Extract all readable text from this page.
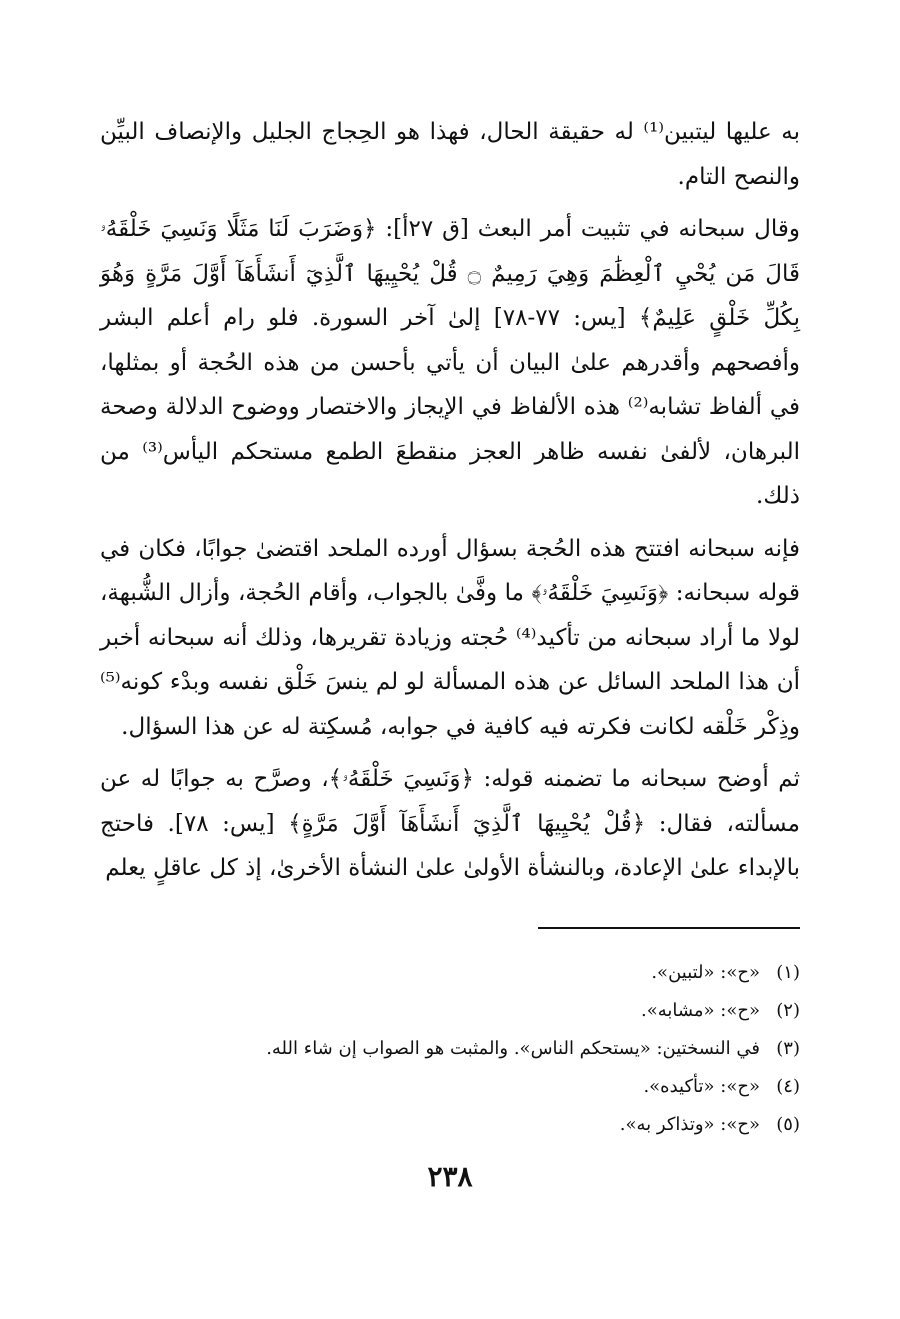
به عليها ليتبين⁽¹⁾ له حقيقة الحال، فهذا هو الحِجاج الجليل والإنصاف البيِّن والنصح التام.

وقال سبحانه في تثبيت أمر البعث [ق ٢٧أ]: ﴿وَضَرَبَ لَنَا مَثَلًا وَنَسِيَ خَلْقَهُۥ قَالَ مَن يُحْيِ ٱلْعِظَٰمَ وَهِيَ رَمِيمٌ ۝ قُلْ يُحْيِيهَا ٱلَّذِيٓ أَنشَأَهَآ أَوَّلَ مَرَّةٍ وَهُوَ بِكُلِّ خَلْقٍ عَلِيمٌ﴾ [يس: ٧٧-٧٨] إلىٰ آخر السورة. فلو رام أعلم البشر وأفصحهم وأقدرهم علىٰ البيان أن يأتي بأحسن من هذه الحُجة أو بمثلها، في ألفاظ تشابه⁽²⁾ هذه الألفاظ في الإيجاز والاختصار ووضوح الدلالة وصحة البرهان، لألفىٰ نفسه ظاهر العجز منقطعَ الطمع مستحكم اليأس⁽³⁾ من ذلك.

فإنه سبحانه افتتح هذه الحُجة بسؤال أورده الملحد اقتضىٰ جوابًا، فكان في قوله سبحانه: ﴿وَنَسِيَ خَلْقَهُۥ﴾ ما وفَّىٰ بالجواب، وأقام الحُجة، وأزال الشُّبهة، لولا ما أراد سبحانه من تأكيد⁽⁴⁾ حُجته وزيادة تقريرها، وذلك أنه سبحانه أخبر أن هذا الملحد السائل عن هذه المسألة لو لم ينسَ خَلْق نفسه وبدْء كونه⁽⁵⁾ وذِكْر خَلْقه لكانت فكرته فيه كافية في جوابه، مُسكِتة له عن هذا السؤال.

ثم أوضح سبحانه ما تضمنه قوله: ﴿وَنَسِيَ خَلْقَهُۥ﴾، وصرَّح به جوابًا له عن مسألته، فقال: ﴿قُلْ يُحْيِيهَا ٱلَّذِيٓ أَنشَأَهَآ أَوَّلَ مَرَّةٍ﴾ [يس: ٧٨]. فاحتج بالإبداء علىٰ الإعادة، وبالنشأة الأولىٰ علىٰ النشأة الأخرىٰ، إذ كل عاقلٍ يعلم

(١)
«ح»: «لتبين».
(٢)
«ح»: «مشابه».
(٣)
في النسختين: «يستحكم الناس». والمثبت هو الصواب إن شاء الله.
(٤)
«ح»: «تأكيده».
(٥)
«ح»: «وتذاكر به».
٢٣٨
